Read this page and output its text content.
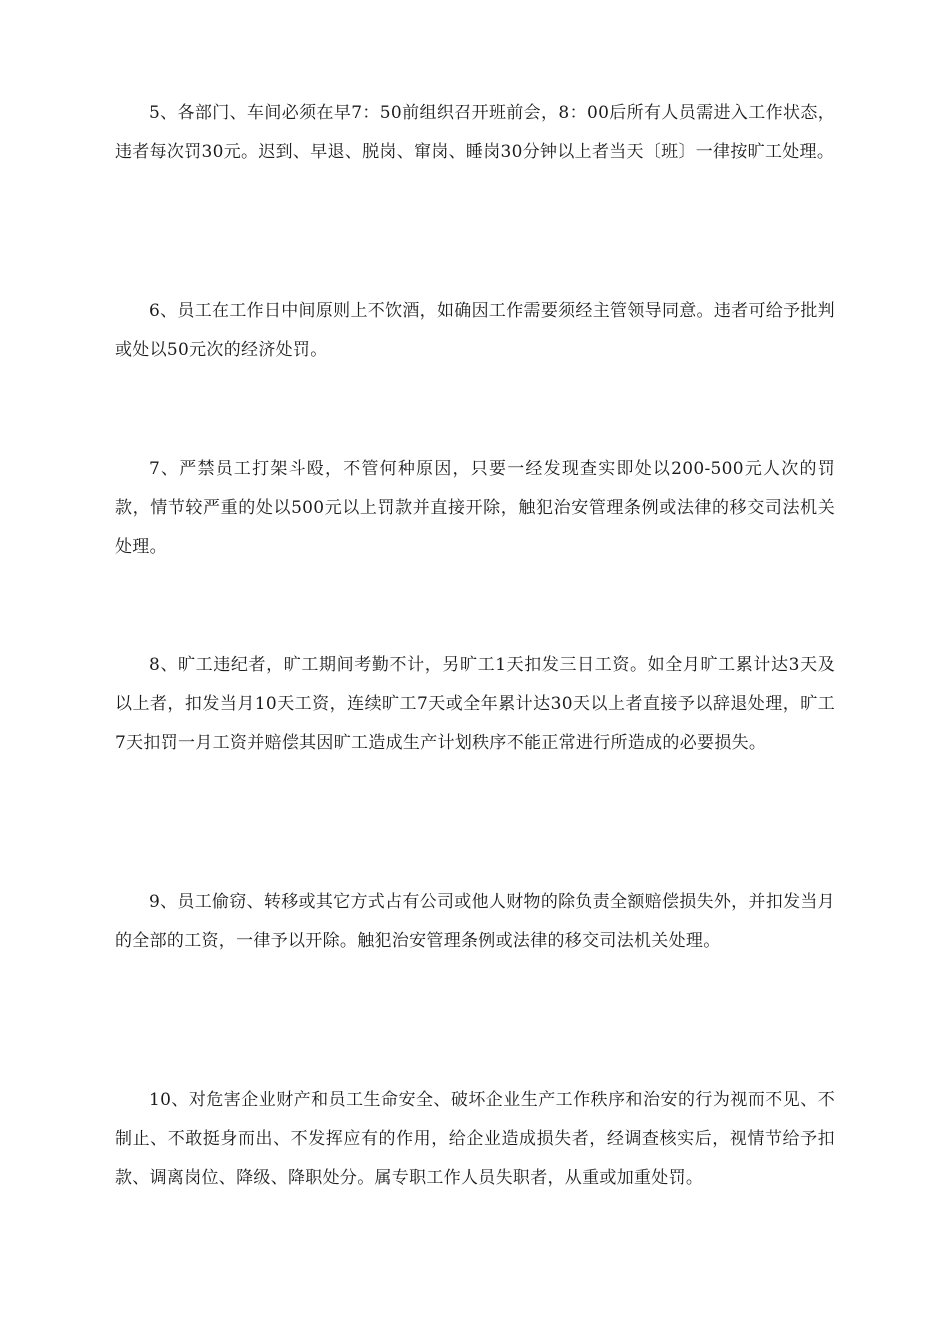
5、各部门、车间必须在早7：50前组织召开班前会，8：00后所有人员需进入工作状态，违者每次罚30元。迟到、早退、脱岗、窜岗、睡岗30分钟以上者当天〔班〕一律按旷工处理。

6、员工在工作日中间原则上不饮酒，如确因工作需要须经主管领导同意。违者可给予批判或处以50元次的经济处罚。

7、严禁员工打架斗殴，不管何种原因，只要一经发现查实即处以200-500元人次的罚款，情节较严重的处以500元以上罚款并直接开除，触犯治安管理条例或法律的移交司法机关处理。

8、旷工违纪者，旷工期间考勤不计，另旷工1天扣发三日工资。如全月旷工累计达3天及以上者，扣发当月10天工资，连续旷工7天或全年累计达30天以上者直接予以辞退处理，旷工7天扣罚一月工资并赔偿其因旷工造成生产计划秩序不能正常进行所造成的必要损失。

9、员工偷窃、转移或其它方式占有公司或他人财物的除负责全额赔偿损失外，并扣发当月的全部的工资，一律予以开除。触犯治安管理条例或法律的移交司法机关处理。

10、对危害企业财产和员工生命安全、破坏企业生产工作秩序和治安的行为视而不见、不制止、不敢挺身而出、不发挥应有的作用，给企业造成损失者，经调查核实后，视情节给予扣款、调离岗位、降级、降职处分。属专职工作人员失职者，从重或加重处罚。
